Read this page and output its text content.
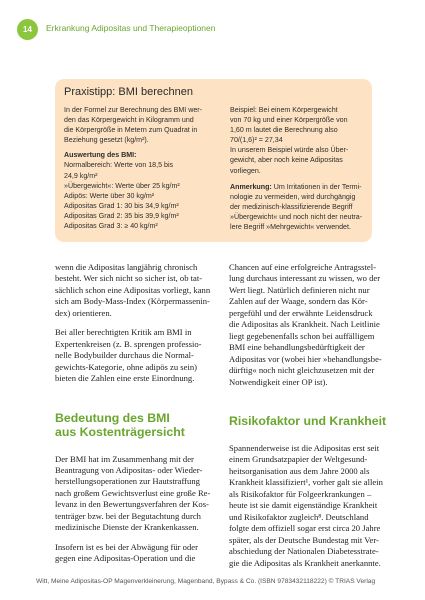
14	Erkrankung Adipositas und Therapieoptionen
Praxistipp: BMI berechnen
In der Formel zur Berechnung des BMI wer-
den das Körpergewicht in Kilogramm und
die Körpergröße in Metern zum Quadrat in
Beziehung gesetzt (kg/m²).

Auswertung des BMI:

Normalbereich: Werte von 18,5 bis
24,9 kg/m²
»Übergewicht«: Werte über 25 kg/m²
Adipös: Werte über 30 kg/m²
Adipositas Grad 1: 30 bis 34,9 kg/m²
Adipositas Grad 2: 35 bis 39,9 kg/m²
Adipositas Grad 3: ≥ 40 kg/m²
Beispiel: Bei einem Körpergewicht
von 70 kg und einer Körpergröße von
1,60 m lautet die Berechnung also
70/(1,6)² = 27,34
In unserem Beispiel würde also Über-
gewicht, aber noch keine Adipositas
vorliegen.
Anmerkung: Um Irritationen in der Termi-
nologie zu vermeiden, wird durchgängig
der medizinisch-klassifizierende Begriff
»Übergewicht« und noch nicht der neutra-
lere Begriff »Mehrgewicht« verwendet.

wenn die Adipositas langjährig chronisch
besteht. Wer sich nicht so sicher ist, ob tat-
sächlich schon eine Adipositas vorliegt, kann
sich am Body-Mass-Index (Körpermassenin-
dex) orientieren.

Bei aller berechtigten Kritik am BMI in
Expertenkreisen (z. B. sprengen professio-
nelle Bodybuilder durchaus die Normal-
gewichts-Kategorie, ohne adipös zu sein)
bieten die Zahlen eine erste Einordnung.

Bedeutung des BMI
aus Kostenträgersicht

Der BMI hat im Zusammenhang mit der
Beantragung von Adipositas- oder Wieder-
herstellungsoperationen zur Hautstraffung
nach großem Gewichtsverlust eine große Re-
levanz in den Bewertungsverfahren der Kos-
tenträger bzw. bei der Begutachtung durch
medizinische Dienste der Krankenkassen.

Insofern ist es bei der Abwägung für oder
gegen eine Adipositas-Operation und die

Chancen auf eine erfolgreiche Antragsstel-
lung durchaus interessant zu wissen, wo der
Wert liegt. Natürlich definieren nicht nur
Zahlen auf der Waage, sondern das Kör-
pergefühl und der erwähnte Leidensdruck
die Adipositas als Krankheit. Nach Leitlinie
liegt gegebenenfalls schon bei auffälligem
BMI eine behandlungsbedürftigkeit der
Adipositas vor (wobei hier »behandlungsbe-
dürftig« noch nicht gleichzusetzen mit der
Notwendigkeit einer OP ist).

Risikofaktor und Krankheit

Spannenderweise ist die Adipositas erst seit
einem Grundsatzpapier der Weltgesund-
heitsorganisation aus dem Jahre 2000 als
Krankheit klassifiziert¹, vorher galt sie allein
als Risikofaktor für Folgeerkrankungen –
heute ist sie damit eigenständige Krankheit
und Risikofaktor zugleich⁸. Deutschland
folgte dem offiziell sogar erst circa 20 Jahre
später, als der Deutsche Bundestag mit Ver-
abschiedung der Nationalen Diabetesstrate-
gie die Adipositas als Krankheit anerkannte.

Witt, Meine Adipositas-OP Magenverkleinerung, Magenband, Bypass & Co. (ISBN 9783432118222) © TRIAS Verlag
